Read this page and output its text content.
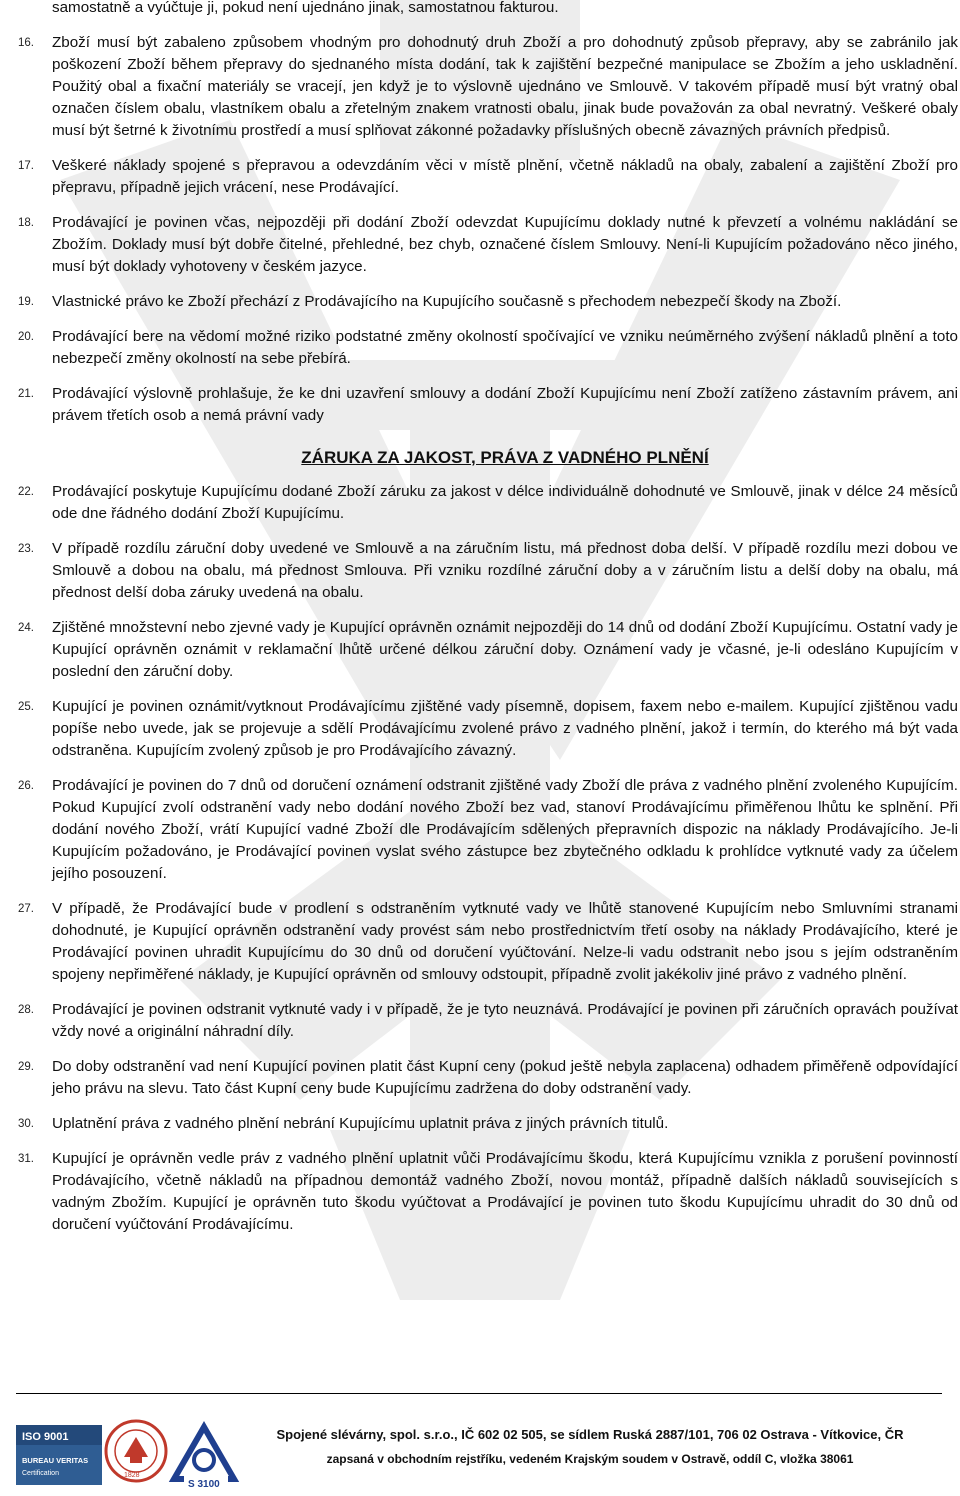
samostatně a vyúčtuje ji, pokud není ujednáno jinak, samostatnou fakturou.
16.	Zboží musí být zabaleno způsobem vhodným pro dohodnutý druh Zboží a pro dohodnutý způsob přepravy, aby se zabránilo jak poškození Zboží během přepravy do sjednaného místa dodání, tak k zajištění bezpečné manipulace se Zbožím a jeho uskladnění. Použitý obal a fixační materiály se vracejí, jen když je to výslovně ujednáno ve Smlouvě. V takovém případě musí být vratný obal označen číslem obalu, vlastníkem obalu a zřetelným znakem vratnosti obalu, jinak bude považován za obal nevratný. Veškeré obaly musí být šetrné k životnímu prostředí a musí splňovat zákonné požadavky příslušných obecně závazných právních předpisů.
17.	Veškeré náklady spojené s přepravou a odevzdáním věci v místě plnění, včetně nákladů na obaly, zabalení a zajištění Zboží pro přepravu, případně jejich vrácení, nese Prodávající.
18.	Prodávající je povinen včas, nejpozději při dodání Zboží odevzdat Kupujícímu doklady nutné k převzetí a volnému nakládání se Zbožím. Doklady musí být dobře čitelné, přehledné, bez chyb, označené číslem Smlouvy. Není-li Kupujícím požadováno něco jiného, musí být doklady vyhotoveny v českém jazyce.
19.	Vlastnické právo ke Zboží přechází z Prodávajícího na Kupujícího současně s přechodem nebezpečí škody na Zboží.
20.	Prodávající bere na vědomí možné riziko podstatné změny okolností spočívající ve vzniku neúměrného zvýšení nákladů plnění a toto nebezpečí změny okolností na sebe přebírá.
21.	Prodávající výslovně prohlašuje, že ke dni uzavření smlouvy a dodání Zboží Kupujícímu není Zboží zatíženo zástavním právem, ani právem třetích osob a nemá právní vady
ZÁRUKA ZA JAKOST, PRÁVA Z VADNÉHO PLNĚNÍ
22.	Prodávající poskytuje Kupujícímu dodané Zboží záruku za jakost v délce individuálně dohodnuté ve Smlouvě, jinak v délce 24 měsíců ode dne řádného dodání Zboží Kupujícímu.
23.	V případě rozdílu záruční doby uvedené ve Smlouvě a na záručním listu, má přednost doba delší. V případě rozdílu mezi dobou ve Smlouvě a dobou na obalu, má přednost Smlouva. Při vzniku rozdílné záruční doby a v záručním listu a delší doby na obalu, má přednost delší doba záruky uvedená na obalu.
24.	Zjištěné množstevní nebo zjevné vady je Kupující oprávněn oznámit nejpozději do 14 dnů od dodání Zboží Kupujícímu. Ostatní vady je Kupující oprávněn oznámit v reklamační lhůtě určené délkou záruční doby. Oznámení vady je včasné, je-li odesláno Kupujícím v poslední den záruční doby.
25.	Kupující je povinen oznámit/vytknout Prodávajícímu zjištěné vady písemně, dopisem, faxem nebo e-mailem. Kupující zjištěnou vadu popíše nebo uvede, jak se projevuje a sdělí Prodávajícímu zvolené právo z vadného plnění, jakož i termín, do kterého má být vada odstraněna. Kupujícím zvolený způsob je pro Prodávajícího závazný.
26.	Prodávající je povinen do 7 dnů od doručení oznámení odstranit zjištěné vady Zboží dle práva z vadného plnění zvoleného Kupujícím. Pokud Kupující zvolí odstranění vady nebo dodání nového Zboží bez vad, stanoví Prodávajícímu přiměřenou lhůtu ke splnění. Při dodání nového Zboží, vrátí Kupující vadné Zboží dle Prodávajícím sdělených přepravních dispozic na náklady Prodávajícího. Je-li Kupujícím požadováno, je Prodávající povinen vyslat svého zástupce bez zbytečného odkladu k prohlídce vytknuté vady za účelem jejího posouzení.
27.	V případě, že Prodávající bude v prodlení s odstraněním vytknuté vady ve lhůtě stanovené Kupujícím nebo Smluvními stranami dohodnuté, je Kupující oprávněn odstranění vady provést sám nebo prostřednictvím třetí osoby na náklady Prodávajícího, které je Prodávající povinen uhradit Kupujícímu do 30 dnů od doručení vyúčtování. Nelze-li vadu odstranit nebo jsou s jejím odstraněním spojeny nepřiměřené náklady, je Kupující oprávněn od smlouvy odstoupit, případně zvolit jakékoliv jiné právo z vadného plnění.
28.	Prodávající je povinen odstranit vytknuté vady i v případě, že je tyto neuznává. Prodávající je povinen při záručních opravách používat vždy nové a originální náhradní díly.
29.	Do doby odstranění vad není Kupující povinen platit část Kupní ceny (pokud ještě nebyla zaplacena) odhadem přiměřeně odpovídající jeho právu na slevu. Tato část Kupní ceny bude Kupujícímu zadržena do doby odstranění vady.
30.	Uplatnění práva z vadného plnění nebrání Kupujícímu uplatnit práva z jiných právních titulů.
31.	Kupující je oprávněn vedle práv z vadného plnění uplatnit vůči Prodávajícímu škodu, která Kupujícímu vznikla z porušení povinností Prodávajícího, včetně nákladů na případnou demontáž vadného Zboží, novou montáž, případně dalších nákladů souvisejících s vadným Zbožím. Kupující je oprávněn tuto škodu vyúčtovat a Prodávající je povinen tuto škodu Kupujícímu uhradit do 30 dnů od doručení vyúčtování Prodávajícímu.
ISO 9001
BUREAU VERITAS
Certification	1828
S 3100
Spojené slévárny, spol. s.r.o., IČ 602 02 505, se sídlem Ruská 2887/101, 706 02 Ostrava - Vítkovice, ČR
zapsaná v obchodním rejstříku, vedeném Krajským soudem v Ostravě, oddíl C, vložka 38061
